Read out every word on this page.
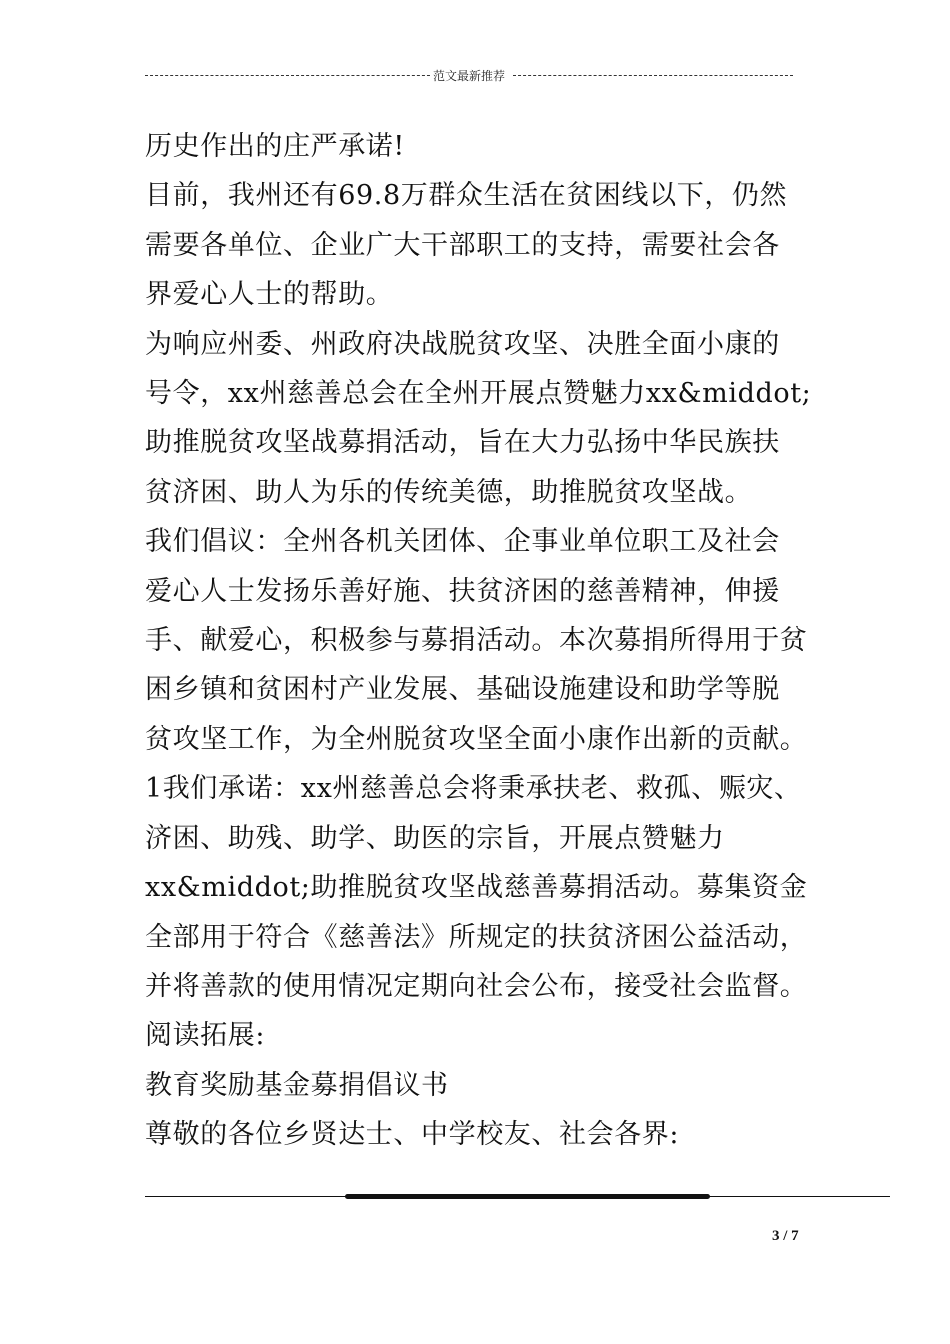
范文最新推荐
历史作出的庄严承诺!
目前，我州还有69.8万群众生活在贫困线以下，仍然
需要各单位、企业广大干部职工的支持，需要社会各
界爱心人士的帮助。
为响应州委、州政府决战脱贫攻坚、决胜全面小康的
号令，xx州慈善总会在全州开展点赞魅力xx&middot;
助推脱贫攻坚战募捐活动，旨在大力弘扬中华民族扶
贫济困、助人为乐的传统美德，助推脱贫攻坚战。
我们倡议：全州各机关团体、企事业单位职工及社会
爱心人士发扬乐善好施、扶贫济困的慈善精神，伸援
手、献爱心，积极参与募捐活动。本次募捐所得用于贫
困乡镇和贫困村产业发展、基础设施建设和助学等脱
贫攻坚工作，为全州脱贫攻坚全面小康作出新的贡献。
1我们承诺：xx州慈善总会将秉承扶老、救孤、赈灾、
济困、助残、助学、助医的宗旨，开展点赞魅力
xx&middot;助推脱贫攻坚战慈善募捐活动。募集资金
全部用于符合《慈善法》所规定的扶贫济困公益活动，
并将善款的使用情况定期向社会公布，接受社会监督。
阅读拓展:
教育奖励基金募捐倡议书
尊敬的各位乡贤达士、中学校友、社会各界:
3 / 7
